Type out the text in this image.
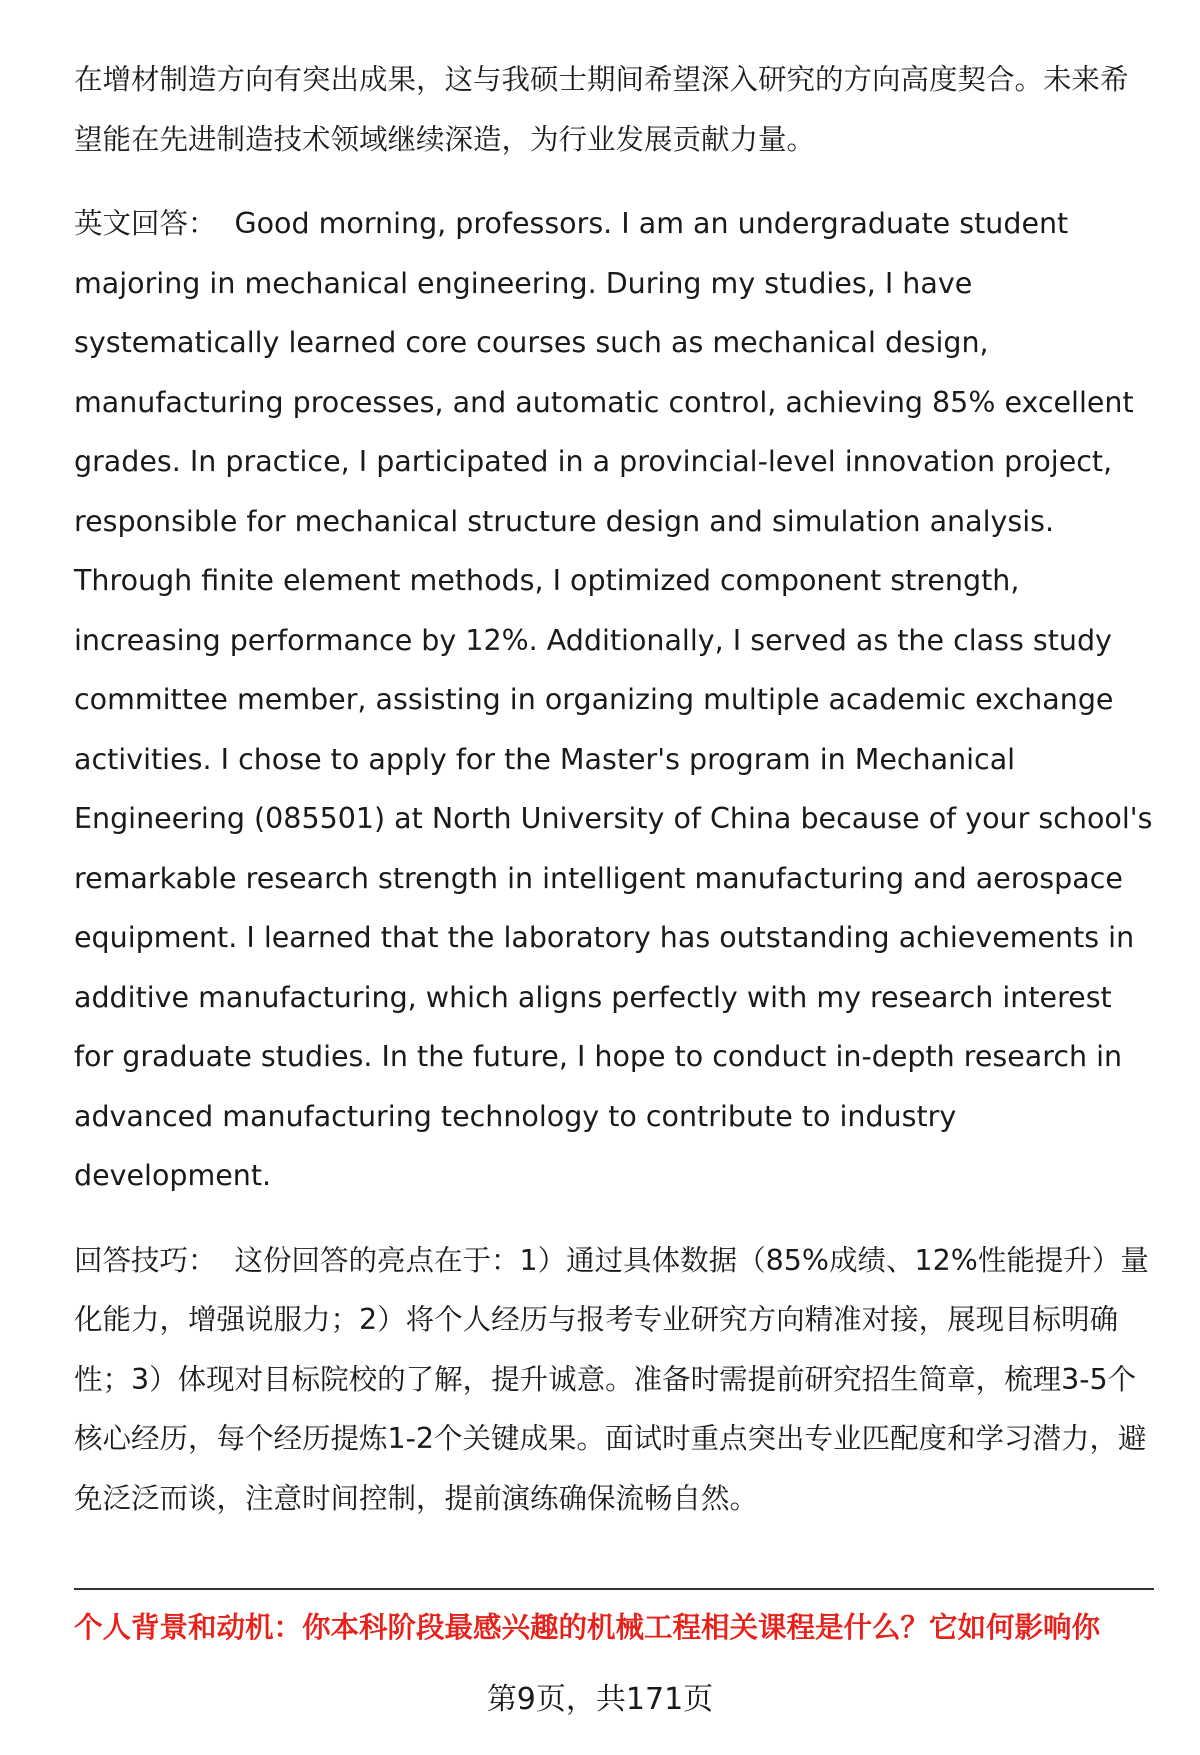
在增材制造方向有突出成果，这与我硕士期间希望深入研究的方向高度契合。未来希望能在先进制造技术领域继续深造，为行业发展贡献力量。

英文回答： Good morning, professors. I am an undergraduate student majoring in mechanical engineering. During my studies, I have systematically learned core courses such as mechanical design, manufacturing processes, and automatic control, achieving 85% excellent grades. In practice, I participated in a provincial-level innovation project, responsible for mechanical structure design and simulation analysis. Through finite element methods, I optimized component strength, increasing performance by 12%. Additionally, I served as the class study committee member, assisting in organizing multiple academic exchange activities. I chose to apply for the Master's program in Mechanical Engineering (085501) at North University of China because of your school's remarkable research strength in intelligent manufacturing and aerospace equipment. I learned that the laboratory has outstanding achievements in additive manufacturing, which aligns perfectly with my research interest for graduate studies. In the future, I hope to conduct in-depth research in advanced manufacturing technology to contribute to industry development.

回答技巧： 这份回答的亮点在于：1）通过具体数据（85%成绩、12%性能提升）量化能力，增强说服力；2）将个人经历与报考专业研究方向精准对接，展现目标明确性；3）体现对目标院校的了解，提升诚意。准备时需提前研究招生简章，梳理3-5个核心经历，每个经历提炼1-2个关键成果。面试时重点突出专业匹配度和学习潜力，避免泛泛而谈，注意时间控制，提前演练确保流畅自然。

个人背景和动机：你本科阶段最感兴趣的机械工程相关课程是什么？它如何影响你
第9页，共171页
